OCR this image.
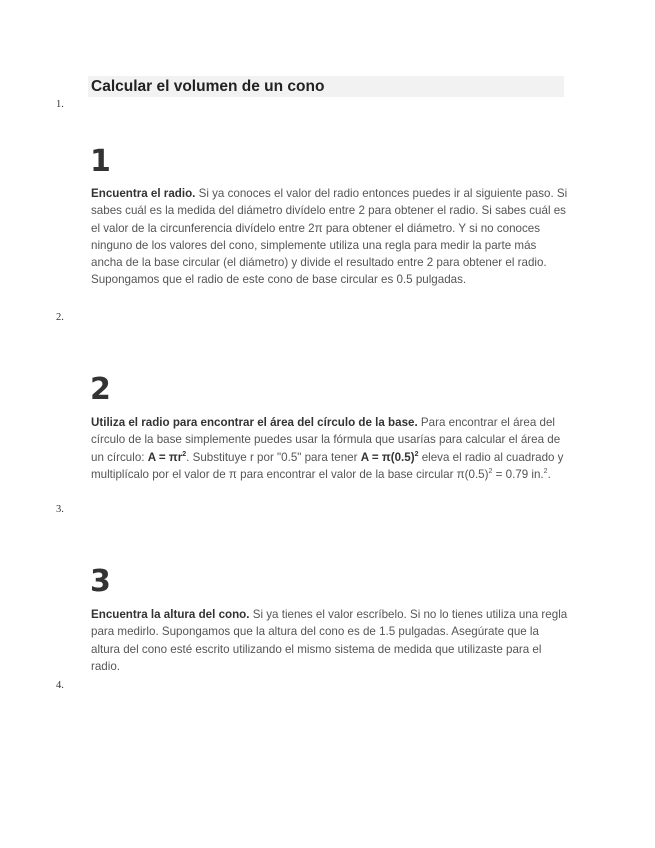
Calcular el volumen de un cono
1.
1

Encuentra el radio. Si ya conoces el valor del radio entonces puedes ir al siguiente paso. Si sabes cuál es la medida del diámetro divídelo entre 2 para obtener el radio. Si sabes cuál es el valor de la circunferencia divídelo entre 2π para obtener el diámetro. Y si no conoces ninguno de los valores del cono, simplemente utiliza una regla para medir la parte más ancha de la base circular (el diámetro) y divide el resultado entre 2 para obtener el radio. Supongamos que el radio de este cono de base circular es 0.5 pulgadas.

2.
2

Utiliza el radio para encontrar el área del círculo de la base. Para encontrar el área del círculo de la base simplemente puedes usar la fórmula que usarías para calcular el área de un círculo: $A = \pi r^2$. Substituye r por "0.5" para tener $A = \pi(0.5)^2$ eleva el radio al cuadrado y multiplícalo por el valor de π para encontrar el valor de la base circular $\pi(0.5)^2 = 0.79$ in.$^2$.

3.
3

Encuentra la altura del cono. Si ya tienes el valor escríbelo. Si no lo tienes utiliza una regla para medirlo. Supongamos que la altura del cono es de 1.5 pulgadas. Asegúrate que la altura del cono esté escrito utilizando el mismo sistema de medida que utilizaste para el radio.

4.
